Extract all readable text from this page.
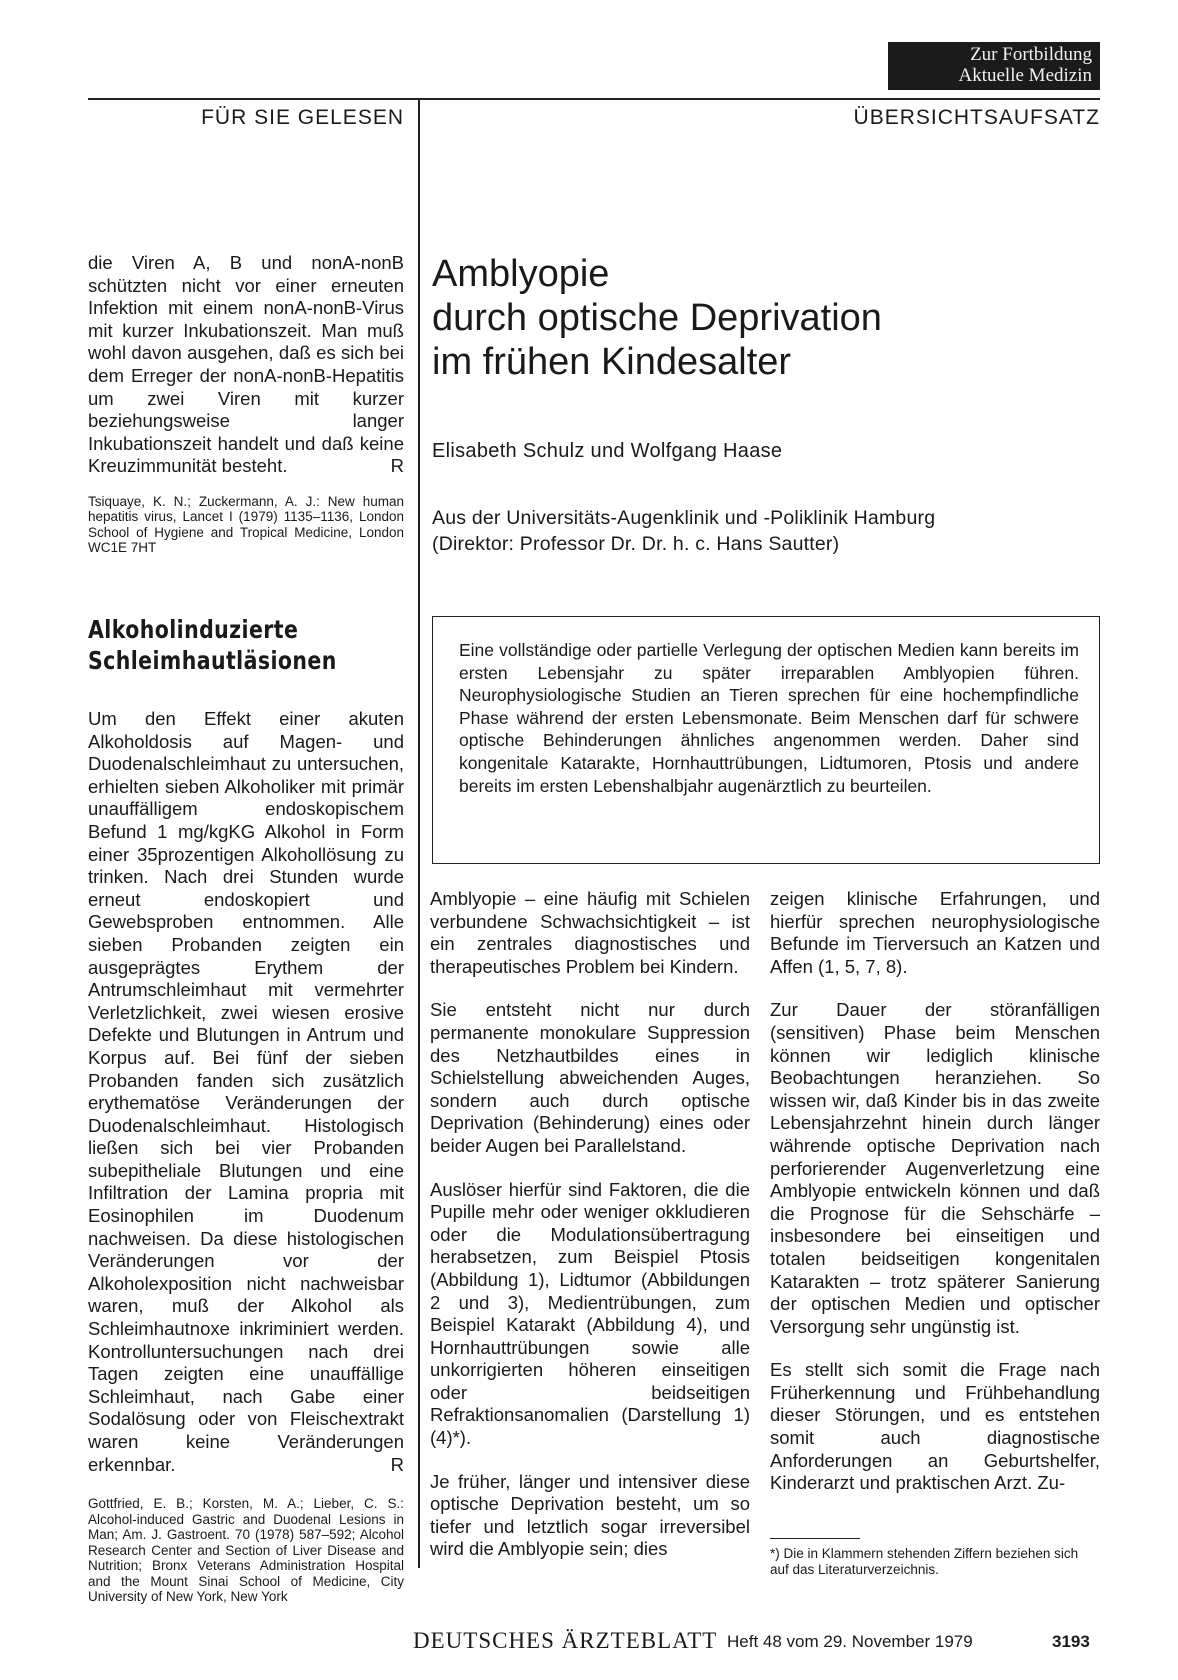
Zur Fortbildung
Aktuelle Medizin
FÜR SIE GELESEN	ÜBERSICHTSAUFSATZ
die Viren A, B und nonA-nonB schützten nicht vor einer erneuten Infektion mit einem nonA-nonB-Virus mit kurzer Inkubationszeit. Man muß wohl davon ausgehen, daß es sich bei dem Erreger der nonA-nonB-Hepatitis um zwei Viren mit kurzer beziehungsweise langer Inkubationszeit handelt und daß keine Kreuzimmunität besteht.	R
Tsiquaye, K. N.; Zuckermann, A. J.: New human hepatitis virus, Lancet I (1979) 1135–1136, London School of Hygiene and Tropical Medicine, London WC1E 7HT
Alkoholinduzierte
Schleimhautläsionen
Um den Effekt einer akuten Alkoholdosis auf Magen- und Duodenalschleimhaut zu untersuchen, erhielten sieben Alkoholiker mit primär unauffälligem endoskopischem Befund 1 mg/kgKG Alkohol in Form einer 35prozentigen Alkohollösung zu trinken. Nach drei Stunden wurde erneut endoskopiert und Gewebsproben entnommen. Alle sieben Probanden zeigten ein ausgeprägtes Erythem der Antrumschleimhaut mit vermehrter Verletzlichkeit, zwei wiesen erosive Defekte und Blutungen in Antrum und Korpus auf. Bei fünf der sieben Probanden fanden sich zusätzlich erythematöse Veränderungen der Duodenalschleimhaut. Histologisch ließen sich bei vier Probanden subepitheliale Blutungen und eine Infiltration der Lamina propria mit Eosinophilen im Duodenum nachweisen. Da diese histologischen Veränderungen vor der Alkoholexposition nicht nachweisbar waren, muß der Alkohol als Schleimhautnoxe inkriminiert werden. Kontrolluntersuchungen nach drei Tagen zeigten eine unauffällige Schleimhaut, nach Gabe einer Sodalösung oder von Fleischextrakt waren keine Veränderungen erkennbar.	R
Gottfried, E. B.; Korsten, M. A.; Lieber, C. S.: Alcohol-induced Gastric and Duodenal Lesions in Man; Am. J. Gastroent. 70 (1978) 587–592; Alcohol Research Center and Section of Liver Disease and Nutrition; Bronx Veterans Administration Hospital and the Mount Sinai School of Medicine, City University of New York, New York
Amblyopie
durch optische Deprivation
im frühen Kindesalter
Elisabeth Schulz und Wolfgang Haase
Aus der Universitäts-Augenklinik und -Poliklinik Hamburg
(Direktor: Professor Dr. Dr. h. c. Hans Sautter)
Eine vollständige oder partielle Verlegung der optischen Medien kann bereits im ersten Lebensjahr zu später irreparablen Amblyopien führen. Neurophysiologische Studien an Tieren sprechen für eine hochempfindliche Phase während der ersten Lebensmonate. Beim Menschen darf für schwere optische Behinderungen ähnliches angenommen werden. Daher sind kongenitale Katarakte, Hornhauttrübungen, Lidtumoren, Ptosis und andere bereits im ersten Lebenshalbjahr augenärztlich zu beurteilen.

Amblyopie – eine häufig mit Schielen verbundene Schwachsichtigkeit – ist ein zentrales diagnostisches und therapeutisches Problem bei Kindern.

Sie entsteht nicht nur durch permanente monokulare Suppression des Netzhautbildes eines in Schielstellung abweichenden Auges, sondern auch durch optische Deprivation (Behinderung) eines oder beider Augen bei Parallelstand.

Auslöser hierfür sind Faktoren, die die Pupille mehr oder weniger okkludieren oder die Modulationsübertragung herabsetzen, zum Beispiel Ptosis (Abbildung 1), Lidtumor (Abbildungen 2 und 3), Medientrübungen, zum Beispiel Katarakt (Abbildung 4), und Hornhauttrübungen sowie alle unkorrigierten höheren einseitigen oder beidseitigen Refraktionsanomalien (Darstellung 1) (4)*).

Je früher, länger und intensiver diese optische Deprivation besteht, um so tiefer und letztlich sogar irreversibel wird die Amblyopie sein; dies

zeigen klinische Erfahrungen, und hierfür sprechen neurophysiologische Befunde im Tierversuch an Katzen und Affen (1, 5, 7, 8).

Zur Dauer der störanfälligen (sensitiven) Phase beim Menschen können wir lediglich klinische Beobachtungen heranziehen. So wissen wir, daß Kinder bis in das zweite Lebensjahrzehnt hinein durch länger währende optische Deprivation nach perforierender Augenverletzung eine Amblyopie entwickeln können und daß die Prognose für die Sehschärfe – insbesondere bei einseitigen und totalen beidseitigen kongenitalen Katarakten – trotz späterer Sanierung der optischen Medien und optischer Versorgung sehr ungünstig ist.

Es stellt sich somit die Frage nach Früherkennung und Frühbehandlung dieser Störungen, und es entstehen somit auch diagnostische Anforderungen an Geburtshelfer, Kinderarzt und praktischen Arzt. Zu-

*) Die in Klammern stehenden Ziffern beziehen sich auf das Literaturverzeichnis.
DEUTSCHES ÄRZTEBLATT Heft 48 vom 29. November 1979	3193
